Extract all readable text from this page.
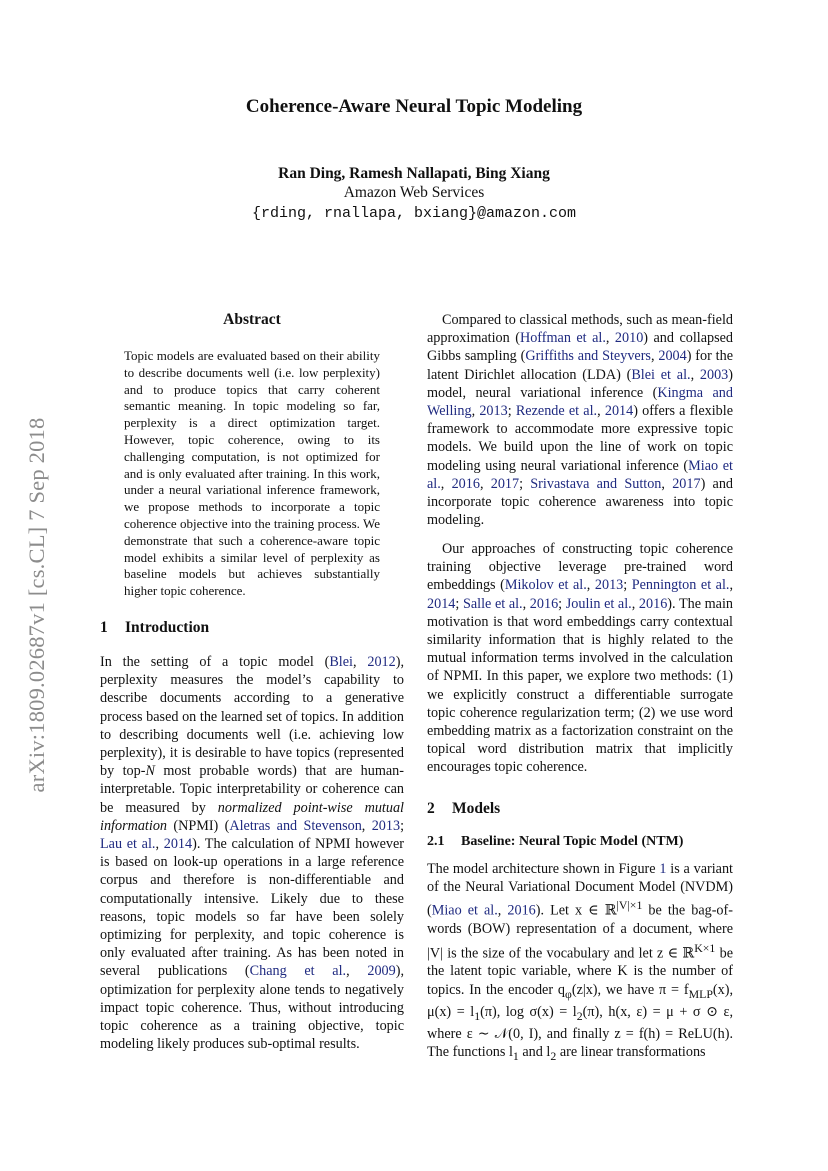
arXiv:1809.02687v1 [cs.CL] 7 Sep 2018
Coherence-Aware Neural Topic Modeling
Ran Ding, Ramesh Nallapati, Bing Xiang
Amazon Web Services
{rding, rnallapa, bxiang}@amazon.com
Abstract

Topic models are evaluated based on their ability to describe documents well (i.e. low perplexity) and to produce topics that carry coherent semantic meaning. In topic modeling so far, perplexity is a direct optimization target. However, topic coherence, owing to its challenging computation, is not optimized for and is only evaluated after training. In this work, under a neural variational inference framework, we propose methods to incorporate a topic coherence objective into the training process. We demonstrate that such a coherence-aware topic model exhibits a similar level of perplexity as baseline models but achieves substantially higher topic coherence.

1 Introduction

In the setting of a topic model (Blei, 2012), perplexity measures the model’s capability to describe documents according to a generative process based on the learned set of topics. In addition to describing documents well (i.e. achieving low perplexity), it is desirable to have topics (represented by top-N most probable words) that are human-interpretable. Topic interpretability or coherence can be measured by normalized point-wise mutual information (NPMI) (Aletras and Stevenson, 2013; Lau et al., 2014). The calculation of NPMI however is based on look-up operations in a large reference corpus and therefore is non-differentiable and computationally intensive. Likely due to these reasons, topic models so far have been solely optimizing for perplexity, and topic coherence is only evaluated after training. As has been noted in several publications (Chang et al., 2009), optimization for perplexity alone tends to negatively impact topic coherence. Thus, without introducing topic coherence as a training objective, topic modeling likely produces sub-optimal results.

Compared to classical methods, such as mean-field approximation (Hoffman et al., 2010) and collapsed Gibbs sampling (Griffiths and Steyvers, 2004) for the latent Dirichlet allocation (LDA) (Blei et al., 2003) model, neural variational inference (Kingma and Welling, 2013; Rezende et al., 2014) offers a flexible framework to accommodate more expressive topic models. We build upon the line of work on topic modeling using neural variational inference (Miao et al., 2016, 2017; Srivastava and Sutton, 2017) and incorporate topic coherence awareness into topic modeling.

Our approaches of constructing topic coherence training objective leverage pre-trained word embeddings (Mikolov et al., 2013; Pennington et al., 2014; Salle et al., 2016; Joulin et al., 2016). The main motivation is that word embeddings carry contextual similarity information that is highly related to the mutual information terms involved in the calculation of NPMI. In this paper, we explore two methods: (1) we explicitly construct a differentiable surrogate topic coherence regularization term; (2) we use word embedding matrix as a factorization constraint on the topical word distribution matrix that implicitly encourages topic coherence.

2 Models
2.1 Baseline: Neural Topic Model (NTM)

The model architecture shown in Figure 1 is a variant of the Neural Variational Document Model (NVDM) (Miao et al., 2016). Let x ∈ ℝ$^{|V|\times 1}$ be the bag-of-words (BOW) representation of a document, where |V| is the size of the vocabulary and let z ∈ ℝ$^{K\times 1}$ be the latent topic variable, where K is the number of topics. In the encoder $q_\varphi(z|x)$, we have $\pi = f_{MLP}(x)$, $\mu(x) = l_1(\pi)$, $\log \sigma(x) = l_2(\pi)$, h(x, ε) = μ + σ ⊙ ε, where ε ∼ 𝒩(0, I), and finally z = f(h) = ReLU(h). The functions $l_1$ and $l_2$ are linear transformations
